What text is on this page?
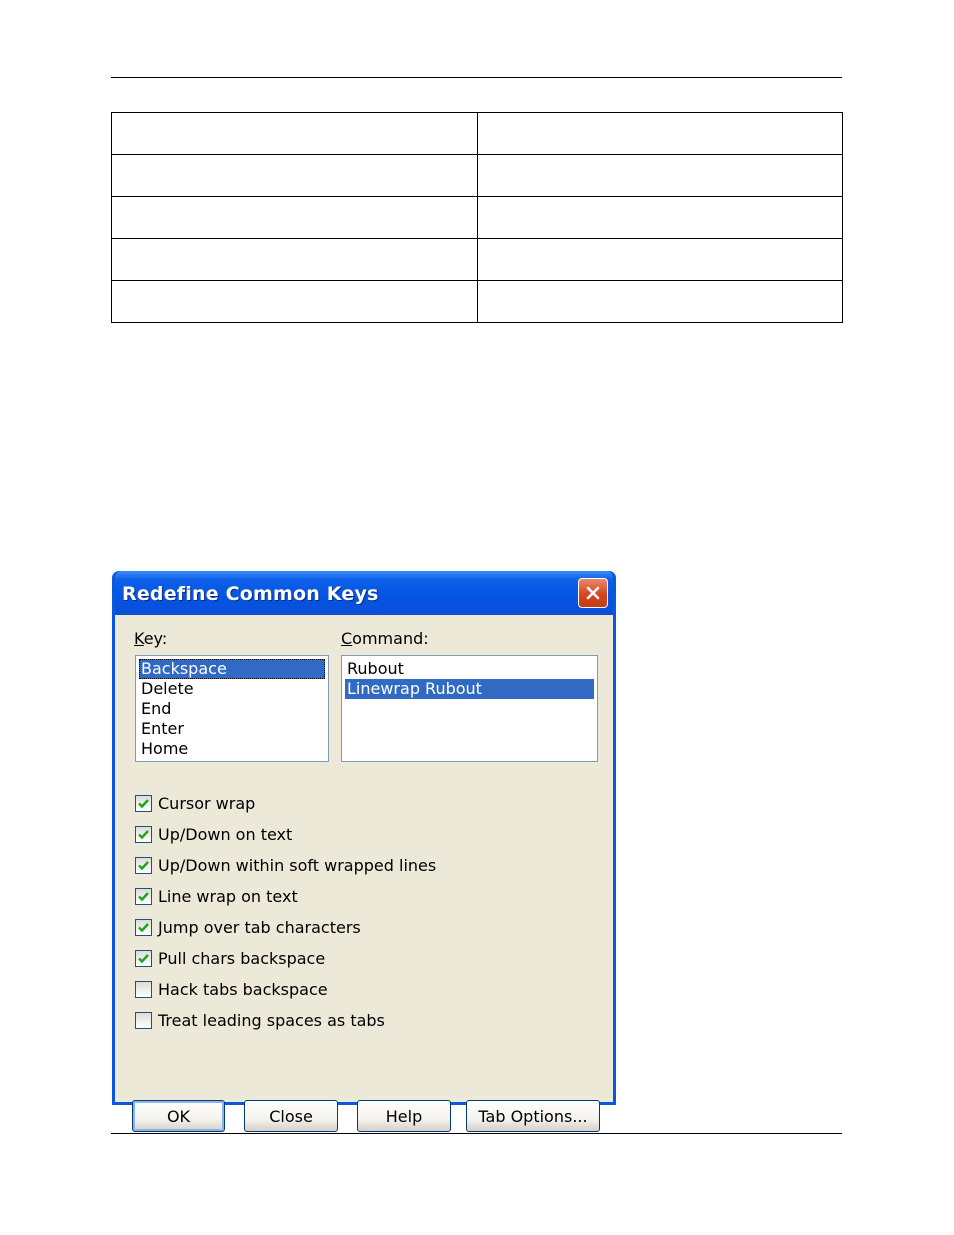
Redefine Common Keys
Key:	Command:
Backspace
Delete
End
Enter
Home
Rubout
Linewrap Rubout
Cursor wrap
Up/Down on text
Up/Down within soft wrapped lines
Line wrap on text
Jump over tab characters
Pull chars backspace
Hack tabs backspace
Treat leading spaces as tabs
OK	Close	Help	Tab Options...
